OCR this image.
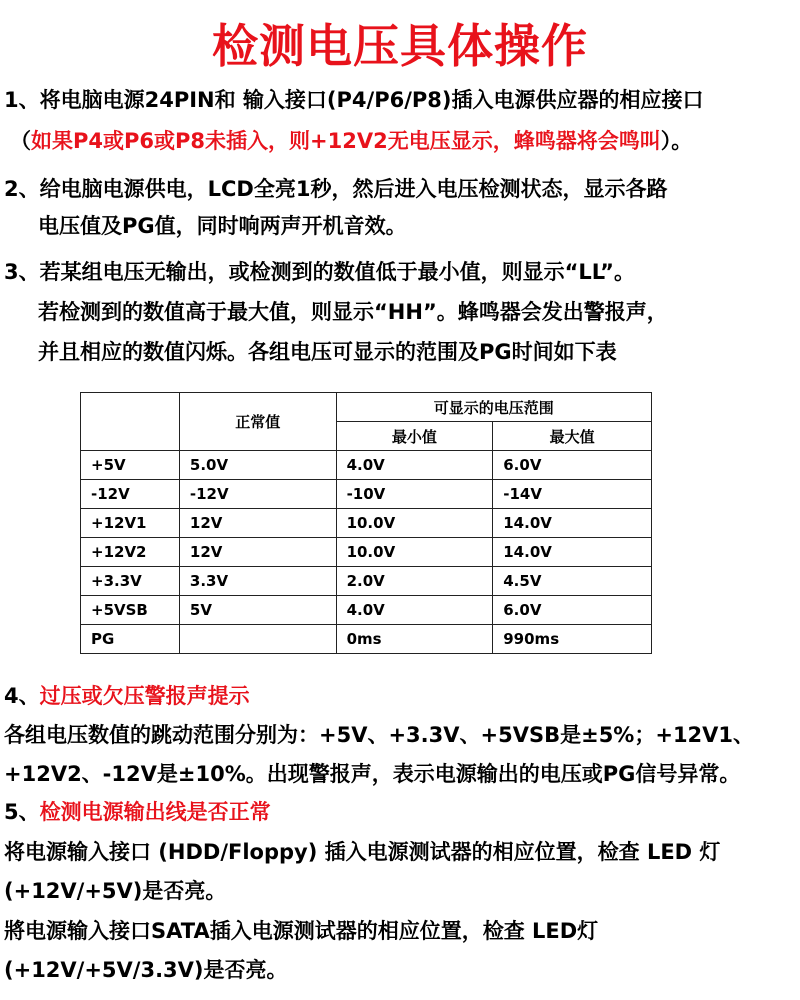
检测电压具体操作
1、将电脑电源24PIN和 输入接口(P4/P6/P8)插入电源供应器的相应接口
（如果P4或P6或P8未插入，则+12V2无电压显示，蜂鸣器将会鸣叫）。
2、给电脑电源供电，LCD全亮1秒，然后进入电压检测状态，显示各路
电压值及PG值，同时响两声开机音效。
3、若某组电压无输出，或检测到的数值低于最小值，则显示“LL”。
若检测到的数值高于最大值，则显示“HH”。蜂鸣器会发出警报声，
并且相应的数值闪烁。各组电压可显示的范围及PG时间如下表
	正常值	可显示的电压范围	
		最小值	最大值
+5V	5.0V	4.0V	6.0V
-12V	-12V	-10V	-14V
+12V1	12V	10.0V	14.0V
+12V2	12V	10.0V	14.0V
+3.3V	3.3V	2.0V	4.5V
+5VSB	5V	4.0V	6.0V
PG		0ms	990ms
4、过压或欠压警报声提示
各组电压数值的跳动范围分别为：+5V、+3.3V、+5VSB是±5%；+12V1、
+12V2、-12V是±10%。出现警报声，表示电源输出的电压或PG信号异常。
5、检测电源输出线是否正常
将电源输入接口 (HDD/Floppy) 插入电源测试器的相应位置，检查 LED 灯
(+12V/+5V)是否亮。
將电源输入接口SATA插入电源测试器的相应位置，检查 LED灯
(+12V/+5V/3.3V)是否亮。
